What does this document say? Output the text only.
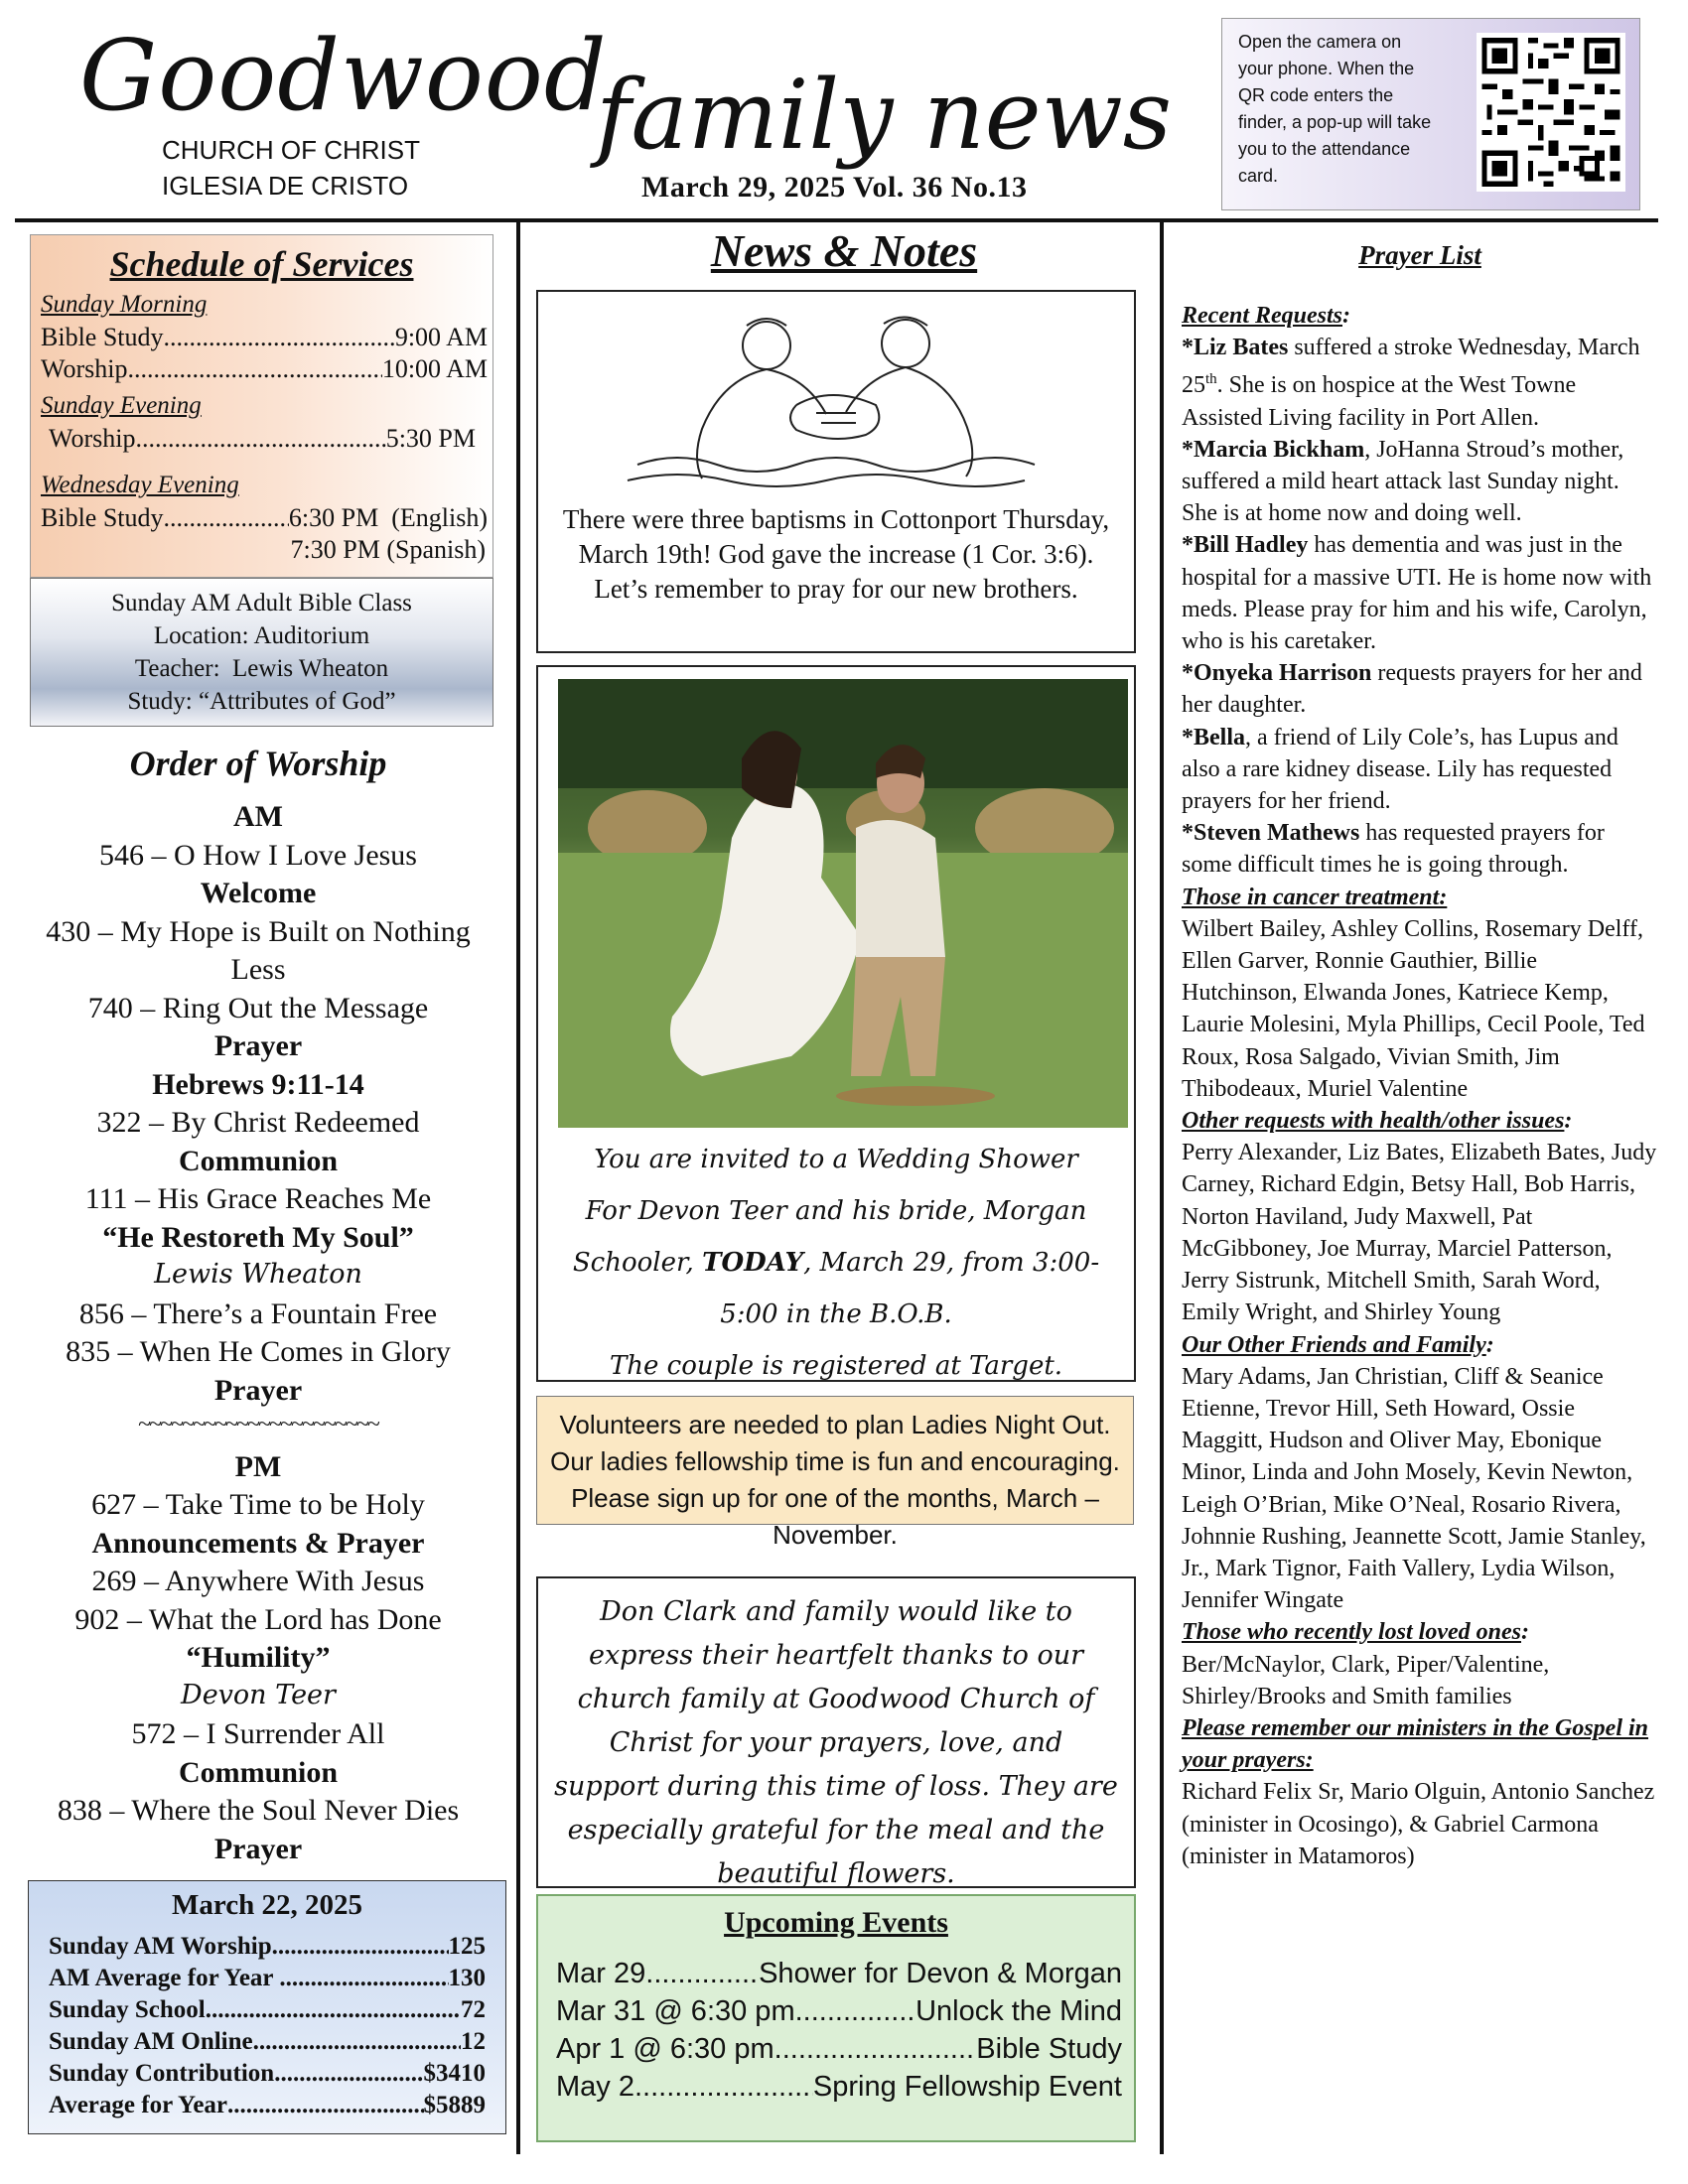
Goodwood
CHURCH OF CHRIST
IGLESIA DE CRISTO
family news
March 29, 2025 Vol. 36 No.13
Open the camera on your phone. When the QR code enters the finder, a pop-up will take you to the attendance card.
Schedule of Services
Sunday Morning
Bible Study .....	9:00 AM
Worship .....	10:00 AM
Sunday Evening
Worship .....	5:30 PM
Wednesday Evening
Bible Study .....	6:30 PM  (English)
7:30 PM (Spanish)
Sunday AM Adult Bible Class
Location: Auditorium
Teacher:  Lewis Wheaton
Study: “Attributes of God”
Order of Worship
AM
546 – O How I Love Jesus
Welcome
430 – My Hope is Built on Nothing
Less
740 – Ring Out the Message
Prayer
Hebrews 9:11-14
322 – By Christ Redeemed
Communion
111 – His Grace Reaches Me
“He Restoreth My Soul”
Lewis Wheaton
856 – There’s a Fountain Free
835 – When He Comes in Glory
Prayer
~~~~~~~~~~~~~~~~~~~~~~
PM
627 – Take Time to be Holy
Announcements & Prayer
269 – Anywhere With Jesus
902 – What the Lord has Done
“Humility”
Devon Teer
572 – I Surrender All
Communion
838 – Where the Soul Never Dies
Prayer
March 22, 2025
Sunday AM Worship .....	125
AM Average for Year .....	130
Sunday School .....	72
Sunday AM Online .....	12
Sunday Contribution .....	$3410
Average for Year .....	$5889
News & Notes
There were three baptisms in Cottonport Thursday, March 19th! God gave the increase (1 Cor. 3:6). Let’s remember to pray for our new brothers.
You are invited to a Wedding Shower
For Devon Teer and his bride, Morgan
Schooler, TODAY, March 29, from 3:00-
5:00 in the B.O.B.
The couple is registered at Target.
Volunteers are needed to plan Ladies Night Out. Our ladies fellowship time is fun and encouraging. Please sign up for one of the months, March – November.
Don Clark and family would like to express their heartfelt thanks to our church family at Goodwood Church of Christ for your prayers, love, and support during this time of loss. They are especially grateful for the meal and the beautiful flowers.
Upcoming Events
Mar 29 .....	Shower for Devon & Morgan
Mar 31 @ 6:30 pm .....	Unlock the Mind
Apr 1 @ 6:30 pm .....	Bible Study
May 2 .....	Spring Fellowship Event
Prayer List

Recent Requests:

*Liz Bates suffered a stroke Wednesday, March 25th. She is on hospice at the West Towne Assisted Living facility in Port Allen.

*Marcia Bickham, JoHanna Stroud’s mother, suffered a mild heart attack last Sunday night. She is at home now and doing well.

*Bill Hadley has dementia and was just in the hospital for a massive UTI. He is home now with meds. Please pray for him and his wife, Carolyn, who is his caretaker.

*Onyeka Harrison requests prayers for her and her daughter.

*Bella, a friend of Lily Cole’s, has Lupus and also a rare kidney disease. Lily has requested prayers for her friend.

*Steven Mathews has requested prayers for some difficult times he is going through.

Those in cancer treatment:

Wilbert Bailey, Ashley Collins, Rosemary Delff, Ellen Garver, Ronnie Gauthier, Billie Hutchinson, Elwanda Jones, Katriece Kemp, Laurie Molesini, Myla Phillips, Cecil Poole, Ted Roux, Rosa Salgado, Vivian Smith, Jim Thibodeaux, Muriel Valentine

Other requests with health/other issues:

Perry Alexander, Liz Bates, Elizabeth Bates, Judy Carney, Richard Edgin, Betsy Hall, Bob Harris, Norton Haviland, Judy Maxwell, Pat McGibboney, Joe Murray, Marciel Patterson, Jerry Sistrunk, Mitchell Smith, Sarah Word, Emily Wright, and Shirley Young

Our Other Friends and Family:

Mary Adams, Jan Christian, Cliff & Seanice Etienne, Trevor Hill, Seth Howard, Ossie Maggitt, Hudson and Oliver May, Ebonique Minor, Linda and John Mosely, Kevin Newton, Leigh O’Brian, Mike O’Neal, Rosario Rivera, Johnnie Rushing, Jeannette Scott, Jamie Stanley, Jr., Mark Tignor, Faith Vallery, Lydia Wilson, Jennifer Wingate

Those who recently lost loved ones:

Ber/McNaylor, Clark, Piper/Valentine, Shirley/Brooks and Smith families

Please remember our ministers in the Gospel in your prayers:

Richard Felix Sr, Mario Olguin, Antonio Sanchez (minister in Ocosingo), & Gabriel Carmona (minister in Matamoros)
